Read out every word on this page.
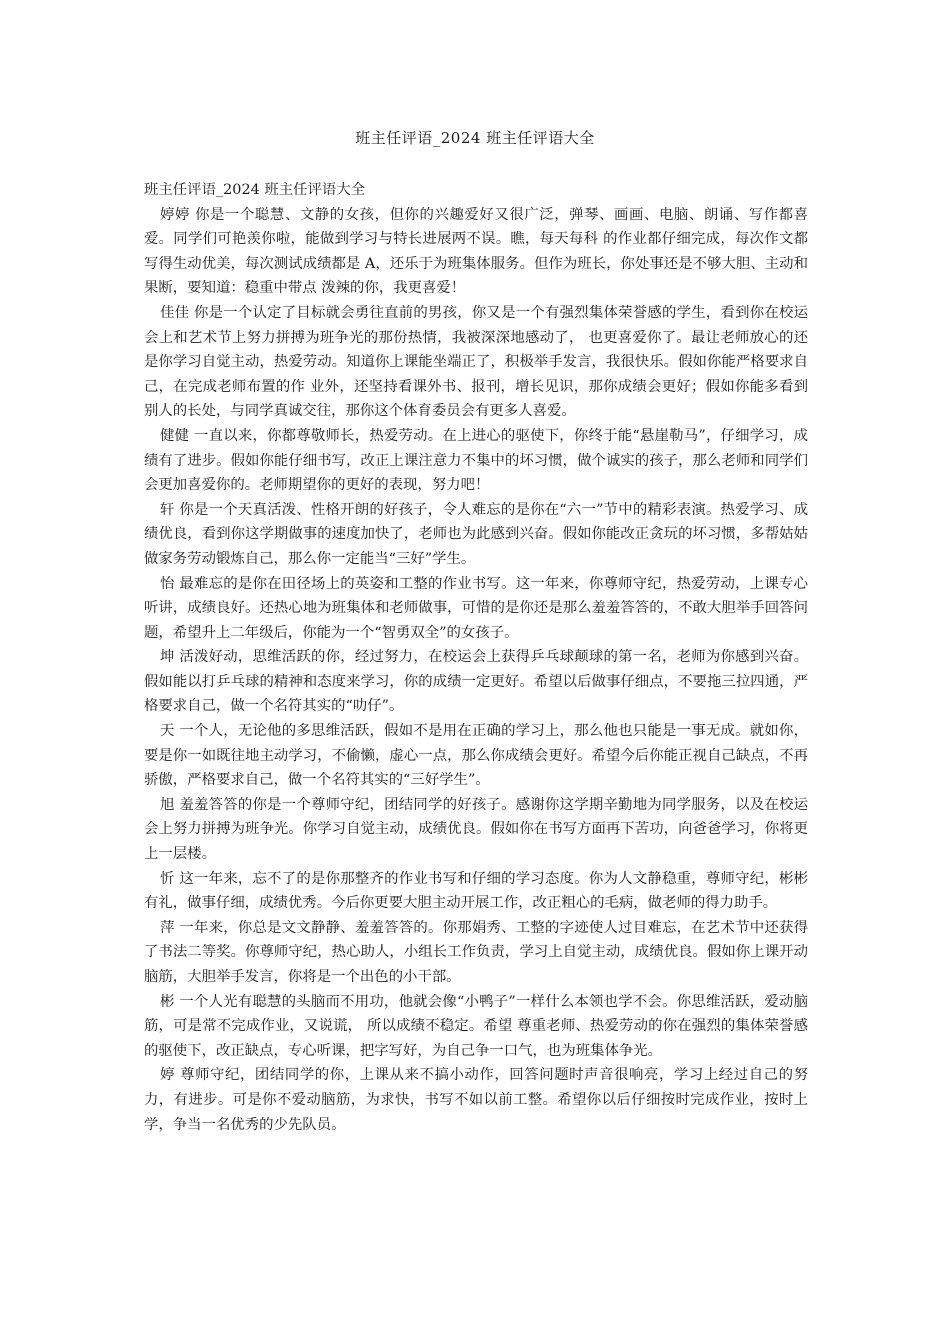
班主任评语_2024 班主任评语大全
班主任评语_2024 班主任评语大全

婷婷 你是一个聪慧、文静的女孩，但你的兴趣爱好又很广泛，弹琴、画画、电脑、朗诵、写作都喜爱。同学们可艳羡你啦，能做到学习与特长进展两不误。瞧，每天每科 的作业都仔细完成，每次作文都写得生动优美，每次测试成绩都是 A，还乐于为班集体服务。但作为班长，你处事还是不够大胆、主动和果断，要知道：稳重中带点 泼辣的你，我更喜爱！

佳佳 你是一个认定了目标就会勇往直前的男孩，你又是一个有强烈集体荣誉感的学生，看到你在校运会上和艺术节上努力拼搏为班争光的那份热情，我被深深地感动了， 也更喜爱你了。最让老师放心的还是你学习自觉主动，热爱劳动。知道你上课能坐端正了，积极举手发言，我很快乐。假如你能严格要求自己，在完成老师布置的作 业外，还坚持看课外书、报刊，增长见识，那你成绩会更好；假如你能多看到别人的长处，与同学真诚交往，那你这个体育委员会有更多人喜爱。

健健 一直以来，你都尊敬师长，热爱劳动。在上进心的驱使下，你终于能“悬崖勒马”，仔细学习，成绩有了进步。假如你能仔细书写，改正上课注意力不集中的坏习惯，做个诚实的孩子，那么老师和同学们会更加喜爱你的。老师期望你的更好的表现，努力吧！

轩 你是一个天真活泼、性格开朗的好孩子，令人难忘的是你在“六一”节中的精彩表演。热爱学习、成绩优良，看到你这学期做事的速度加快了，老师也为此感到兴奋。假如你能改正贪玩的坏习惯，多帮姑姑做家务劳动锻炼自己，那么你一定能当“三好”学生。

怡 最难忘的是你在田径场上的英姿和工整的作业书写。这一年来，你尊师守纪，热爱劳动，上课专心听讲，成绩良好。还热心地为班集体和老师做事，可惜的是你还是那么羞羞答答的，不敢大胆举手回答问题，希望升上二年级后，你能为一个“智勇双全”的女孩子。

坤 活泼好动，思维活跃的你，经过努力，在校运会上获得乒乓球颠球的第一名，老师为你感到兴奋。假如能以打乒乓球的精神和态度来学习，你的成绩一定更好。希望以后做事仔细点，不要拖三拉四通，严格要求自己，做一个名符其实的“叻仔”。

天 一个人，无论他的多思维活跃，假如不是用在正确的学习上，那么他也只能是一事无成。就如你，要是你一如既往地主动学习，不偷懒，虚心一点，那么你成绩会更好。希望今后你能正视自己缺点，不再骄傲，严格要求自己，做一个名符其实的“三好学生”。

旭 羞羞答答的你是一个尊师守纪，团结同学的好孩子。感谢你这学期辛勤地为同学服务，以及在校运会上努力拼搏为班争光。你学习自觉主动，成绩优良。假如你在书写方面再下苦功，向爸爸学习，你将更上一层楼。

忻 这一年来，忘不了的是你那整齐的作业书写和仔细的学习态度。你为人文静稳重，尊师守纪，彬彬有礼，做事仔细，成绩优秀。今后你更要大胆主动开展工作，改正粗心的毛病，做老师的得力助手。

萍 一年来，你总是文文静静、羞羞答答的。你那娟秀、工整的字迹使人过目难忘，在艺术节中还获得了书法二等奖。你尊师守纪，热心助人，小组长工作负责，学习上自觉主动，成绩优良。假如你上课开动脑筋，大胆举手发言，你将是一个出色的小干部。

彬 一个人光有聪慧的头脑而不用功，他就会像“小鸭子”一样什么本领也学不会。你思维活跃，爱动脑筋，可是常不完成作业，又说谎， 所以成绩不稳定。希望 尊重老师、热爱劳动的你在强烈的集体荣誉感的驱使下，改正缺点，专心听课，把字写好，为自己争一口气，也为班集体争光。

婷 尊师守纪，团结同学的你，上课从来不搞小动作，回答问题时声音很响亮，学习上经过自己的努力，有进步。可是你不爱动脑筋，为求快，书写不如以前工整。希望你以后仔细按时完成作业，按时上学，争当一名优秀的少先队员。
